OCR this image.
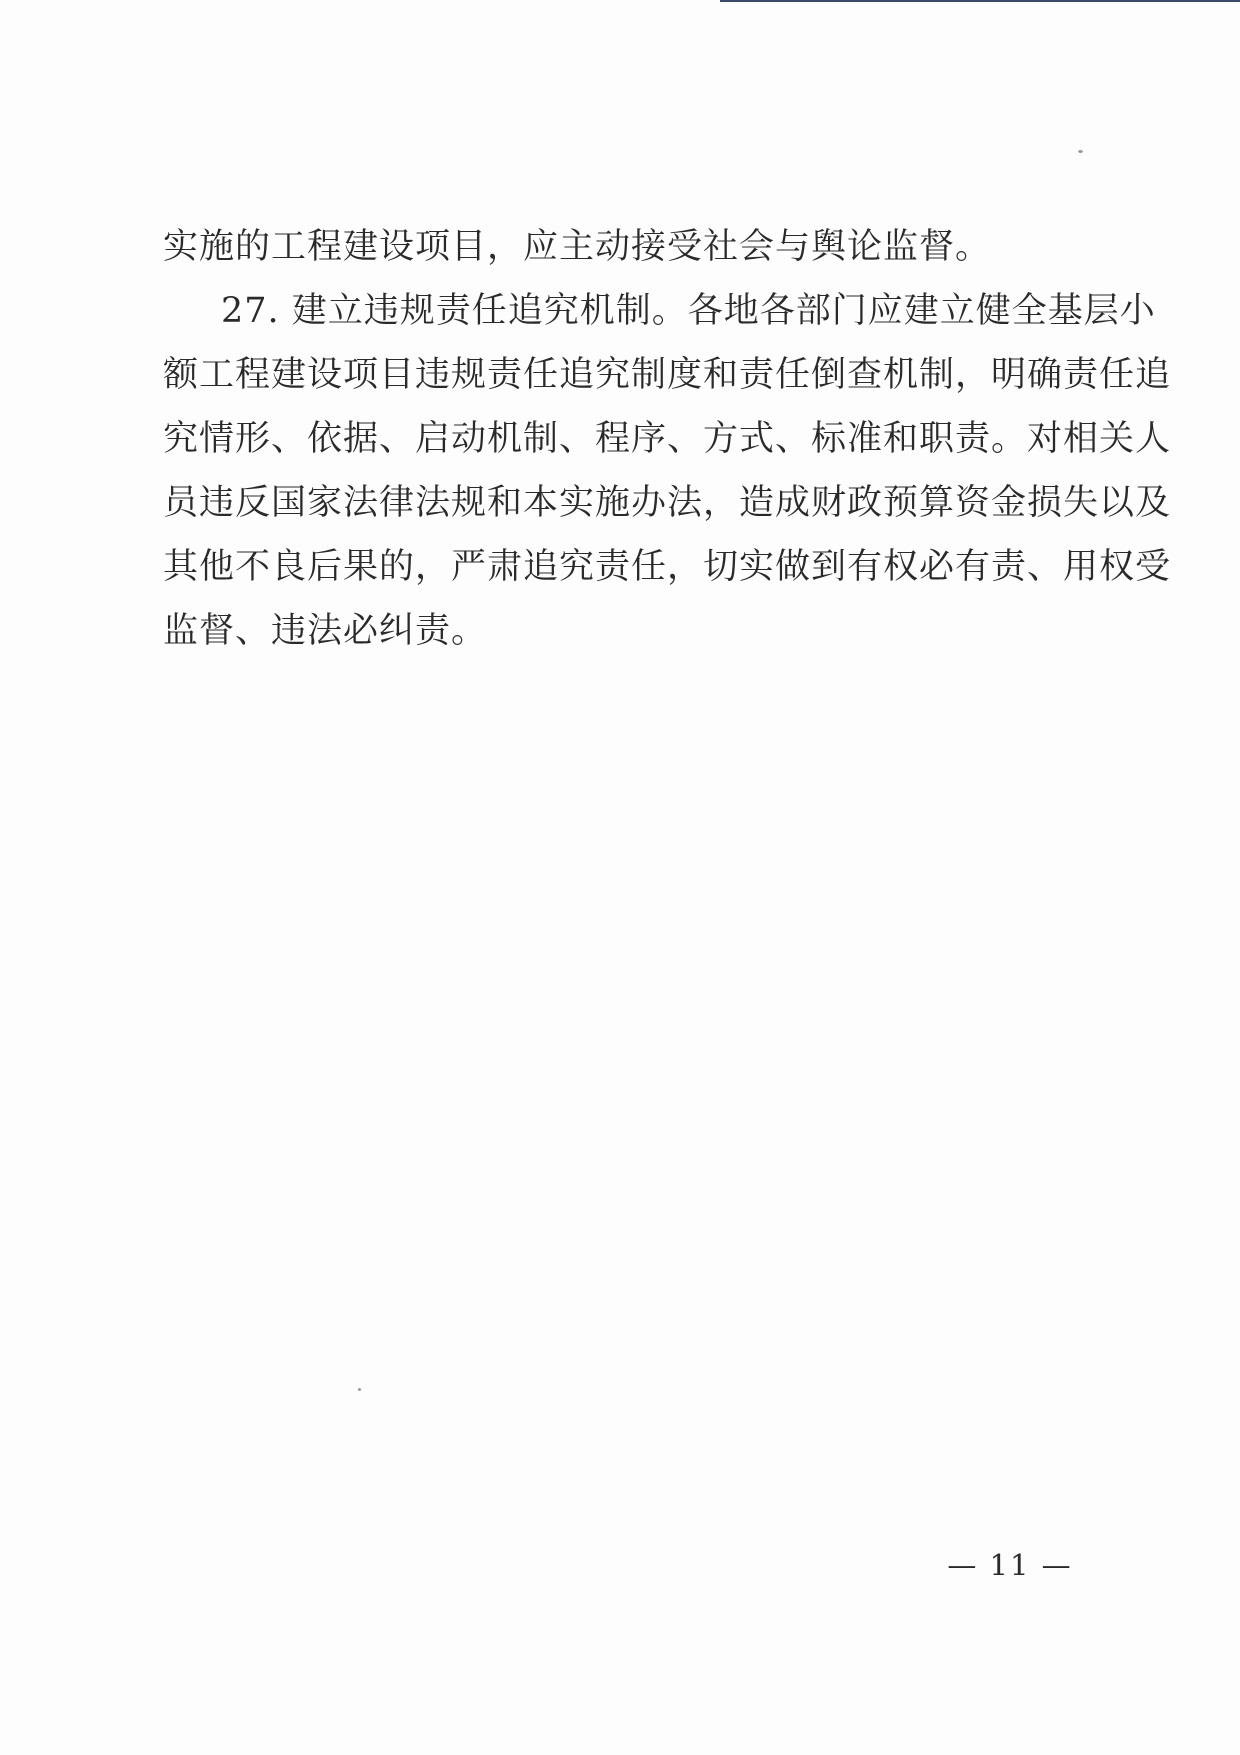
实施的工程建设项目，应主动接受社会与舆论监督。
27. 建立违规责任追究机制。各地各部门应建立健全基层小
额工程建设项目违规责任追究制度和责任倒查机制，明确责任追
究情形、依据、启动机制、程序、方式、标准和职责。对相关人
员违反国家法律法规和本实施办法，造成财政预算资金损失以及
其他不良后果的，严肃追究责任，切实做到有权必有责、用权受
监督、违法必纠责。
— 11 —
